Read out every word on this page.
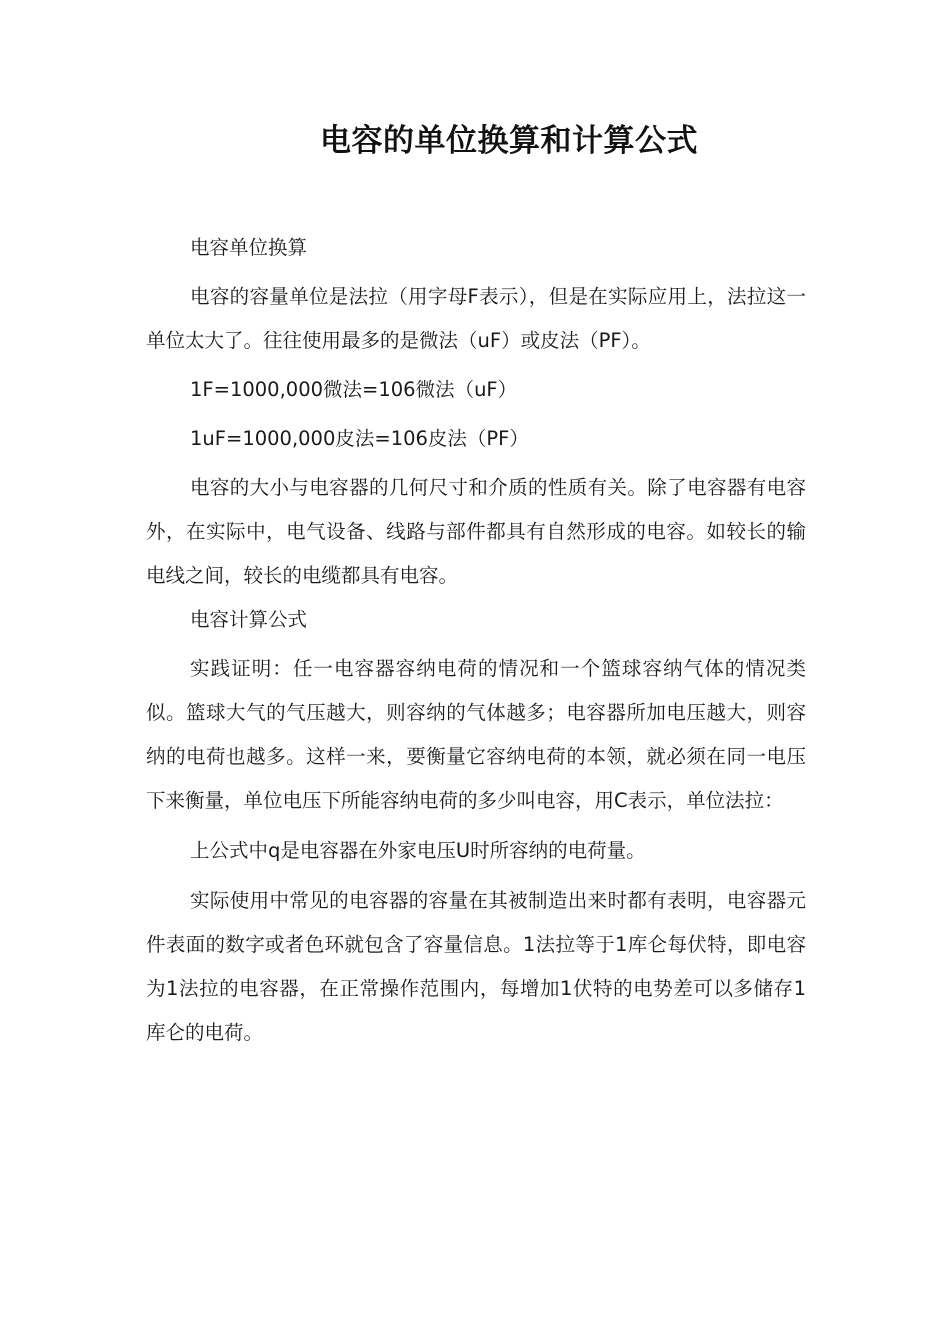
电容的单位换算和计算公式
电容单位换算
电容的容量单位是法拉（用字母F表示），但是在实际应用上，法拉这一单位太大了。往往使用最多的是微法（uF）或皮法（PF）。
1F=1000,000微法=106微法（uF）
1uF=1000,000皮法=106皮法（PF）
电容的大小与电容器的几何尺寸和介质的性质有关。除了电容器有电容外，在实际中，电气设备、线路与部件都具有自然形成的电容。如较长的输电线之间，较长的电缆都具有电容。
电容计算公式
实践证明：任一电容器容纳电荷的情况和一个篮球容纳气体的情况类似。篮球大气的气压越大，则容纳的气体越多；电容器所加电压越大，则容纳的电荷也越多。这样一来，要衡量它容纳电荷的本领，就必须在同一电压下来衡量，单位电压下所能容纳电荷的多少叫电容，用C表示，单位法拉：
上公式中q是电容器在外家电压U时所容纳的电荷量。
实际使用中常见的电容器的容量在其被制造出来时都有表明，电容器元件表面的数字或者色环就包含了容量信息。1法拉等于1库仑每伏特，即电容为1法拉的电容器，在正常操作范围内，每增加1伏特的电势差可以多储存1库仑的电荷。
